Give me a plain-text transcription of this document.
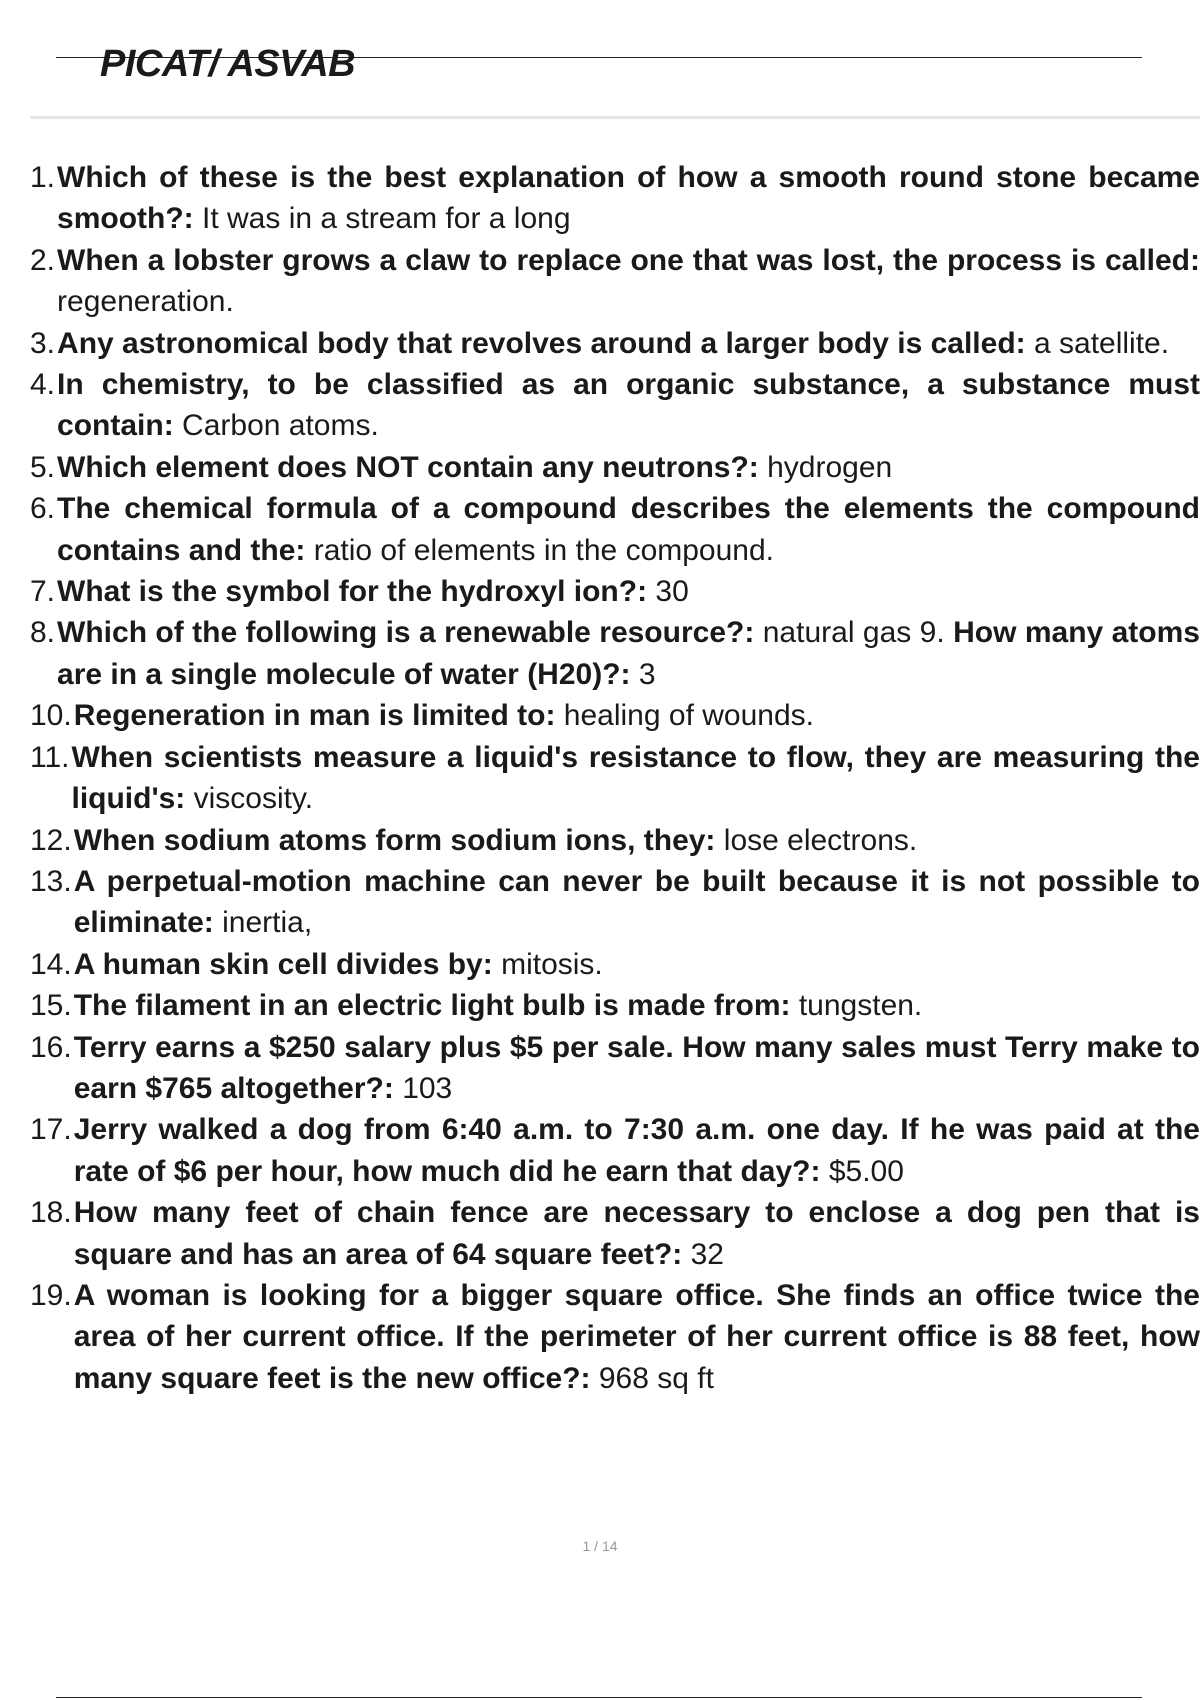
PICAT/ ASVAB
1. Which of these is the best explanation of how a smooth round stone became smooth?: It was in a stream for a long
2. When a lobster grows a claw to replace one that was lost, the process is called: regeneration.
3. Any astronomical body that revolves around a larger body is called: a satellite.
4. In chemistry, to be classified as an organic substance, a substance must contain: Carbon atoms.
5. Which element does NOT contain any neutrons?: hydrogen
6. The chemical formula of a compound describes the elements the compound contains and the: ratio of elements in the compound.
7. What is the symbol for the hydroxyl ion?: 30
8. Which of the following is a renewable resource?: natural gas 9. How many atoms are in a single molecule of water (H20)?: 3
10. Regeneration in man is limited to: healing of wounds.
11. When scientists measure a liquid's resistance to flow, they are measuring the liquid's: viscosity.
12. When sodium atoms form sodium ions, they: lose electrons.
13. A perpetual-motion machine can never be built because it is not possible to eliminate: inertia,
14. A human skin cell divides by: mitosis.
15. The filament in an electric light bulb is made from: tungsten.
16. Terry earns a $250 salary plus $5 per sale. How many sales must Terry make to earn $765 altogether?: 103
17. Jerry walked a dog from 6:40 a.m. to 7:30 a.m. one day. If he was paid at the rate of $6 per hour, how much did he earn that day?: $5.00
18. How many feet of chain fence are necessary to enclose a dog pen that is square and has an area of 64 square feet?: 32
19. A woman is looking for a bigger square office. She finds an office twice the area of her current office. If the perimeter of her current office is 88 feet, how many square feet is the new office?: 968 sq ft

1 / 14
